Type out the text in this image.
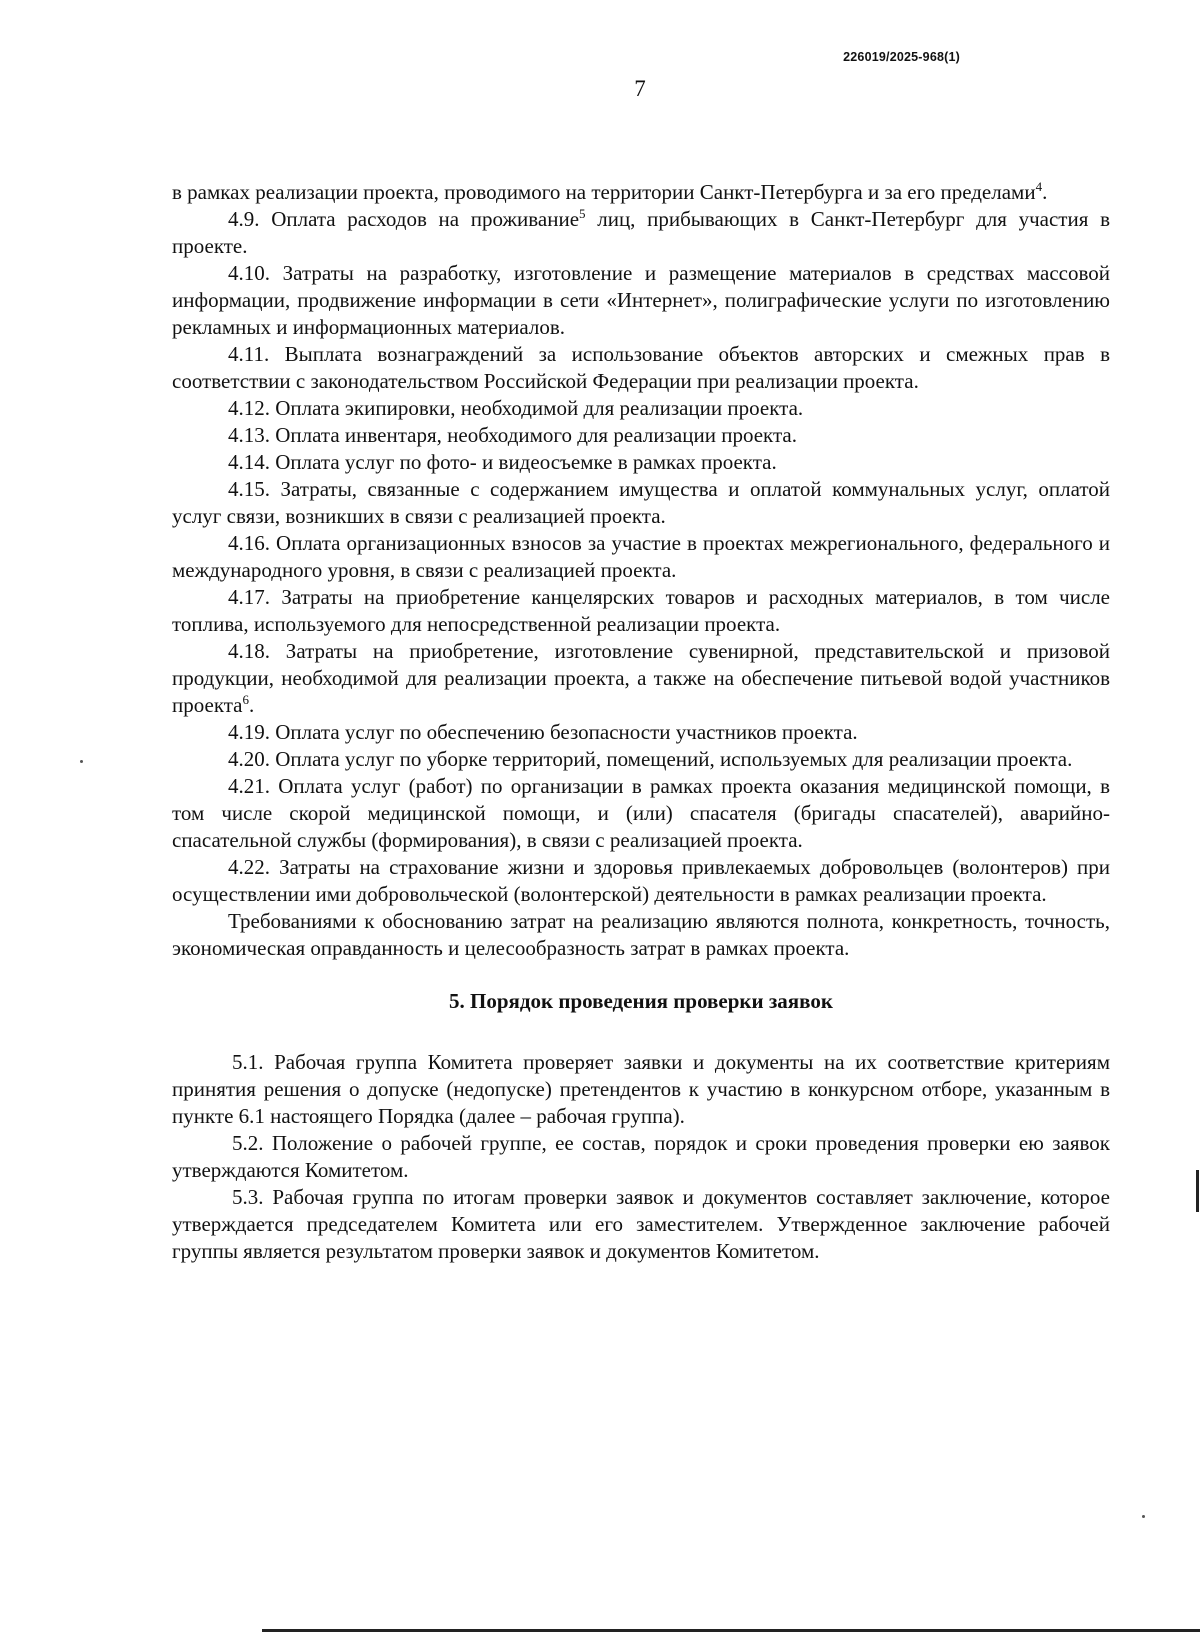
226019/2025-968(1)
7

в рамках реализации проекта, проводимого на территории Санкт-Петербурга и за его пределами$^4$.

4.9. Оплата расходов на проживание$^5$ лиц, прибывающих в Санкт-Петербург для участия в проекте.

4.10. Затраты на разработку, изготовление и размещение материалов в средствах массовой информации, продвижение информации в сети «Интернет», полиграфические услуги по изготовлению рекламных и информационных материалов.

4.11. Выплата вознаграждений за использование объектов авторских и смежных прав в соответствии с законодательством Российской Федерации при реализации проекта.

4.12. Оплата экипировки, необходимой для реализации проекта.

4.13. Оплата инвентаря, необходимого для реализации проекта.

4.14. Оплата услуг по фото- и видеосъемке в рамках проекта.

4.15. Затраты, связанные с содержанием имущества и оплатой коммунальных услуг, оплатой услуг связи, возникших в связи с реализацией проекта.

4.16. Оплата организационных взносов за участие в проектах межрегионального, федерального и международного уровня, в связи с реализацией проекта.

4.17. Затраты на приобретение канцелярских товаров и расходных материалов, в том числе топлива, используемого для непосредственной реализации проекта.

4.18. Затраты на приобретение, изготовление сувенирной, представительской и призовой продукции, необходимой для реализации проекта, а также на обеспечение питьевой водой участников проекта$^6$.

4.19. Оплата услуг по обеспечению безопасности участников проекта.

4.20. Оплата услуг по уборке территорий, помещений, используемых для реализации проекта.

4.21. Оплата услуг (работ) по организации в рамках проекта оказания медицинской помощи, в том числе скорой медицинской помощи, и (или) спасателя (бригады спасателей), аварийно-спасательной службы (формирования), в связи с реализацией проекта.

4.22. Затраты на страхование жизни и здоровья привлекаемых добровольцев (волонтеров) при осуществлении ими добровольческой (волонтерской) деятельности в рамках реализации проекта.

Требованиями к обоснованию затрат на реализацию являются полнота, конкретность, точность, экономическая оправданность и целесообразность затрат в рамках проекта.

5. Порядок проведения проверки заявок

5.1. Рабочая группа Комитета проверяет заявки и документы на их соответствие критериям принятия решения о допуске (недопуске) претендентов к участию в конкурсном отборе, указанным в пункте 6.1 настоящего Порядка (далее – рабочая группа).

5.2. Положение о рабочей группе, ее состав, порядок и сроки проведения проверки ею заявок утверждаются Комитетом.

5.3. Рабочая группа по итогам проверки заявок и документов составляет заключение, которое утверждается председателем Комитета или его заместителем. Утвержденное заключение рабочей группы является результатом проверки заявок и документов Комитетом.
